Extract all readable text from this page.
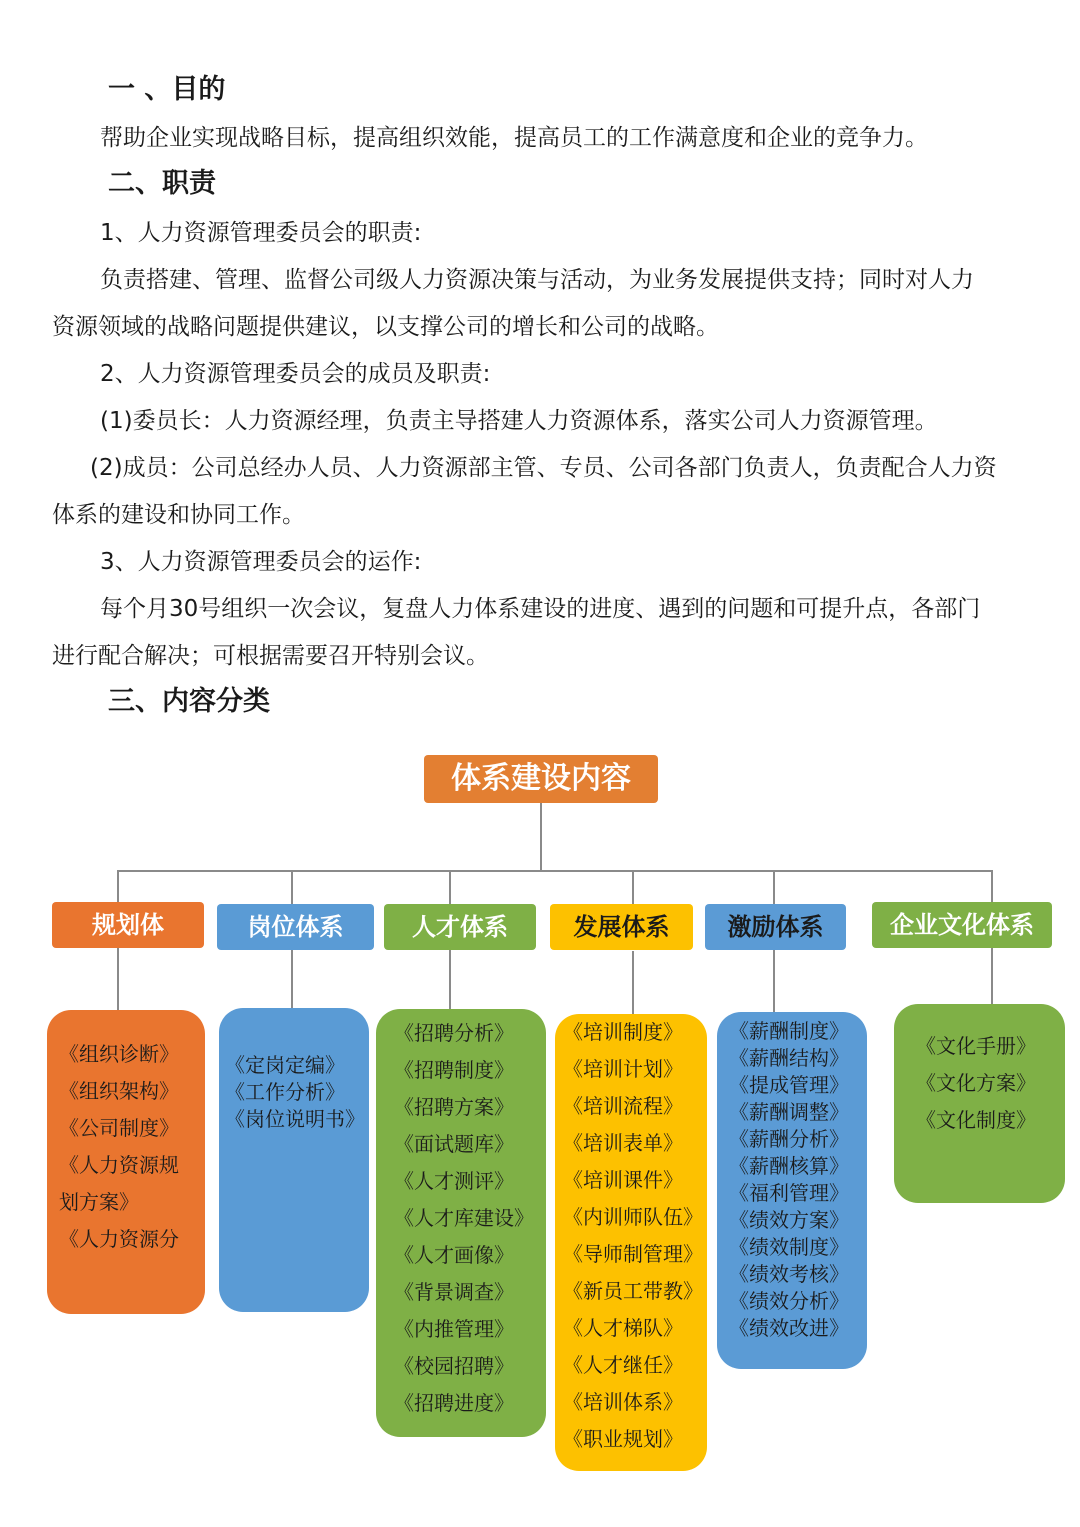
一 、目的
帮助企业实现战略目标，提高组织效能，提高员工的工作满意度和企业的竞争力。
二、职责
1、人力资源管理委员会的职责:
负责搭建、管理、监督公司级人力资源决策与活动，为业务发展提供支持；同时对人力
资源领域的战略问题提供建议，以支撑公司的增长和公司的战略。
2、人力资源管理委员会的成员及职责:
(1)委员长：人力资源经理，负责主导搭建人力资源体系，落实公司人力资源管理。
(2)成员：公司总经办人员、人力资源部主管、专员、公司各部门负责人，负责配合人力资
体系的建设和协同工作。
3、人力资源管理委员会的运作:
每个月30号组织一次会议，复盘人力体系建设的进度、遇到的问题和可提升点，各部门
进行配合解决；可根据需要召开特别会议。
三、内容分类
体系建设内容
规划体	岗位体系	人才体系	发展体系	激励体系	企业文化体系
《组织诊断》
《组织架构》
《公司制度》
《人力资源规划方案》
《人力资源分
《定岗定编》
《工作分析》
《岗位说明书》
《招聘分析》
《招聘制度》
《招聘方案》
《面试题库》
《人才测评》
《人才库建设》
《人才画像》
《背景调查》
《内推管理》
《校园招聘》
《招聘进度》
《培训制度》
《培训计划》
《培训流程》
《培训表单》
《培训课件》
《内训师队伍》
《导师制管理》
《新员工带教》
《人才梯队》
《人才继任》
《培训体系》
《职业规划》
《薪酬制度》
《薪酬结构》
《提成管理》
《薪酬调整》
《薪酬分析》
《薪酬核算》
《福利管理》
《绩效方案》
《绩效制度》
《绩效考核》
《绩效分析》
《绩效改进》
《文化手册》
《文化方案》
《文化制度》
